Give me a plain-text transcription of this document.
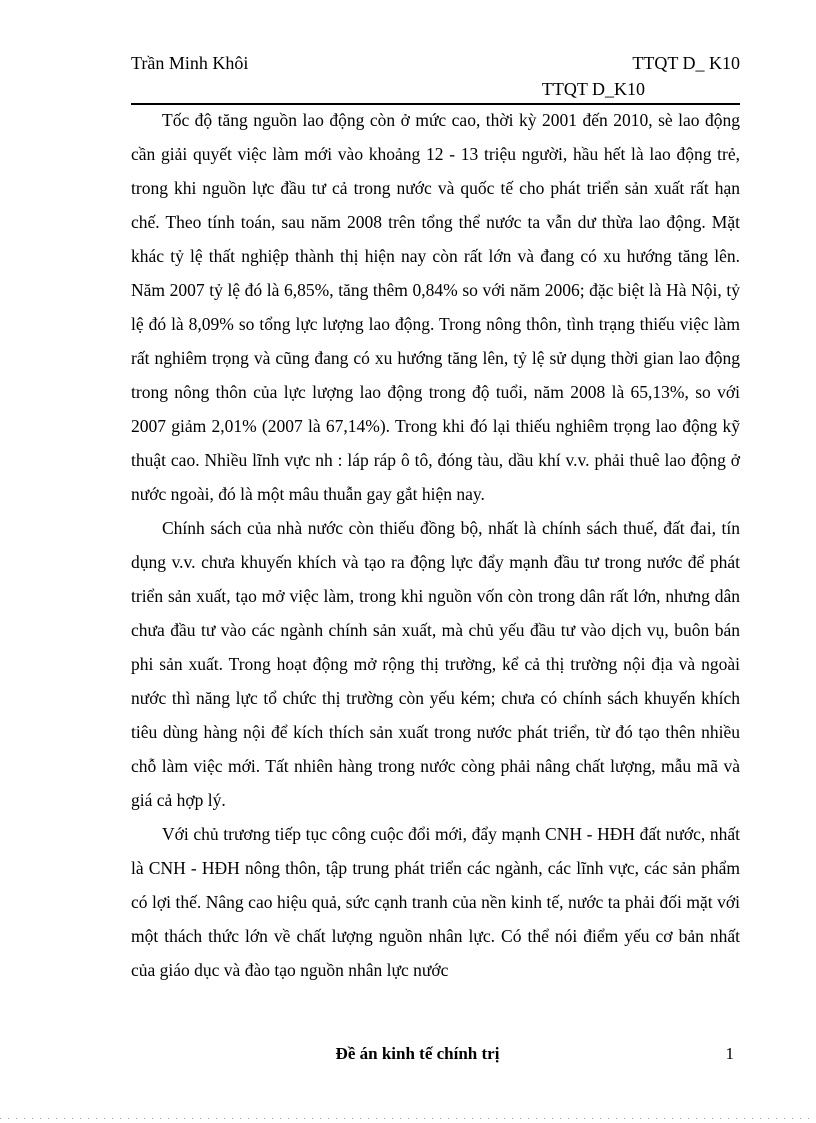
Trần Minh Khôi	TTQT D_ K10
TTQT D_K10

Tốc độ tăng nguồn lao động còn ở mức cao, thời kỳ 2001 đến 2010, sè lao động cần giải quyết việc làm mới vào khoảng 12 - 13 triệu người, hầu hết là lao động trẻ, trong khi nguồn lực đầu tư cả trong nước và quốc tế cho phát triển sản xuất rất hạn chế. Theo tính toán, sau năm 2008 trên tổng thể nước ta vẫn dư thừa lao động. Mặt khác tỷ lệ thất nghiệp thành thị hiện nay còn rất lớn và đang có xu hướng tăng lên. Năm 2007 tỷ lệ đó là 6,85%, tăng thêm 0,84% so với năm 2006; đặc biệt là Hà Nội, tỷ lệ đó là 8,09% so tổng lực lượng lao động. Trong nông thôn, tình trạng thiếu việc làm rất nghiêm trọng và cũng đang có xu hướng tăng lên, tỷ lệ sử dụng thời gian lao động trong nông thôn của lực lượng lao động trong độ tuổi, năm 2008 là 65,13%, so với 2007 giảm 2,01% (2007 là 67,14%). Trong khi đó lại thiếu nghiêm trọng lao động kỹ thuật cao. Nhiều lĩnh vực nh : láp ráp ô tô, đóng tàu, dầu khí v.v. phải thuê lao động ở nước ngoài, đó là một mâu thuẫn gay gắt hiện nay.

Chính sách của nhà nước còn thiếu đồng bộ, nhất là chính sách thuế, đất đai, tín dụng v.v. chưa khuyến khích và tạo ra động lực đẩy mạnh đầu tư trong nước để phát triển sản xuất, tạo mở việc làm, trong khi nguồn vốn còn trong dân rất lớn, nhưng dân chưa đầu tư vào các ngành chính sản xuất, mà chủ yếu đầu tư vào dịch vụ, buôn bán phi sản xuất. Trong hoạt động mở rộng thị trường, kể cả thị trường nội địa và ngoài nước thì năng lực tổ chức thị trường còn yếu kém; chưa có chính sách khuyến khích tiêu dùng hàng nội để kích thích sản xuất trong nước phát triển, từ đó tạo thên nhiều chỗ làm việc mới. Tất nhiên hàng trong nước còng phải nâng chất lượng, mẫu mã và giá cả hợp lý.

Với chủ trương tiếp tục công cuộc đổi mới, đẩy mạnh CNH - HĐH đất nước, nhất là CNH - HĐH nông thôn, tập trung phát triển các ngành, các lĩnh vực, các sản phẩm có lợi thế. Nâng cao hiệu quả, sức cạnh tranh của nền kinh tế, nước ta phải đối mặt với một thách thức lớn về chất lượng nguồn nhân lực. Có thể nói điểm yếu cơ bản nhất của giáo dục và đào tạo nguồn nhân lực nước

Đề án kinh tế chính trị	1
